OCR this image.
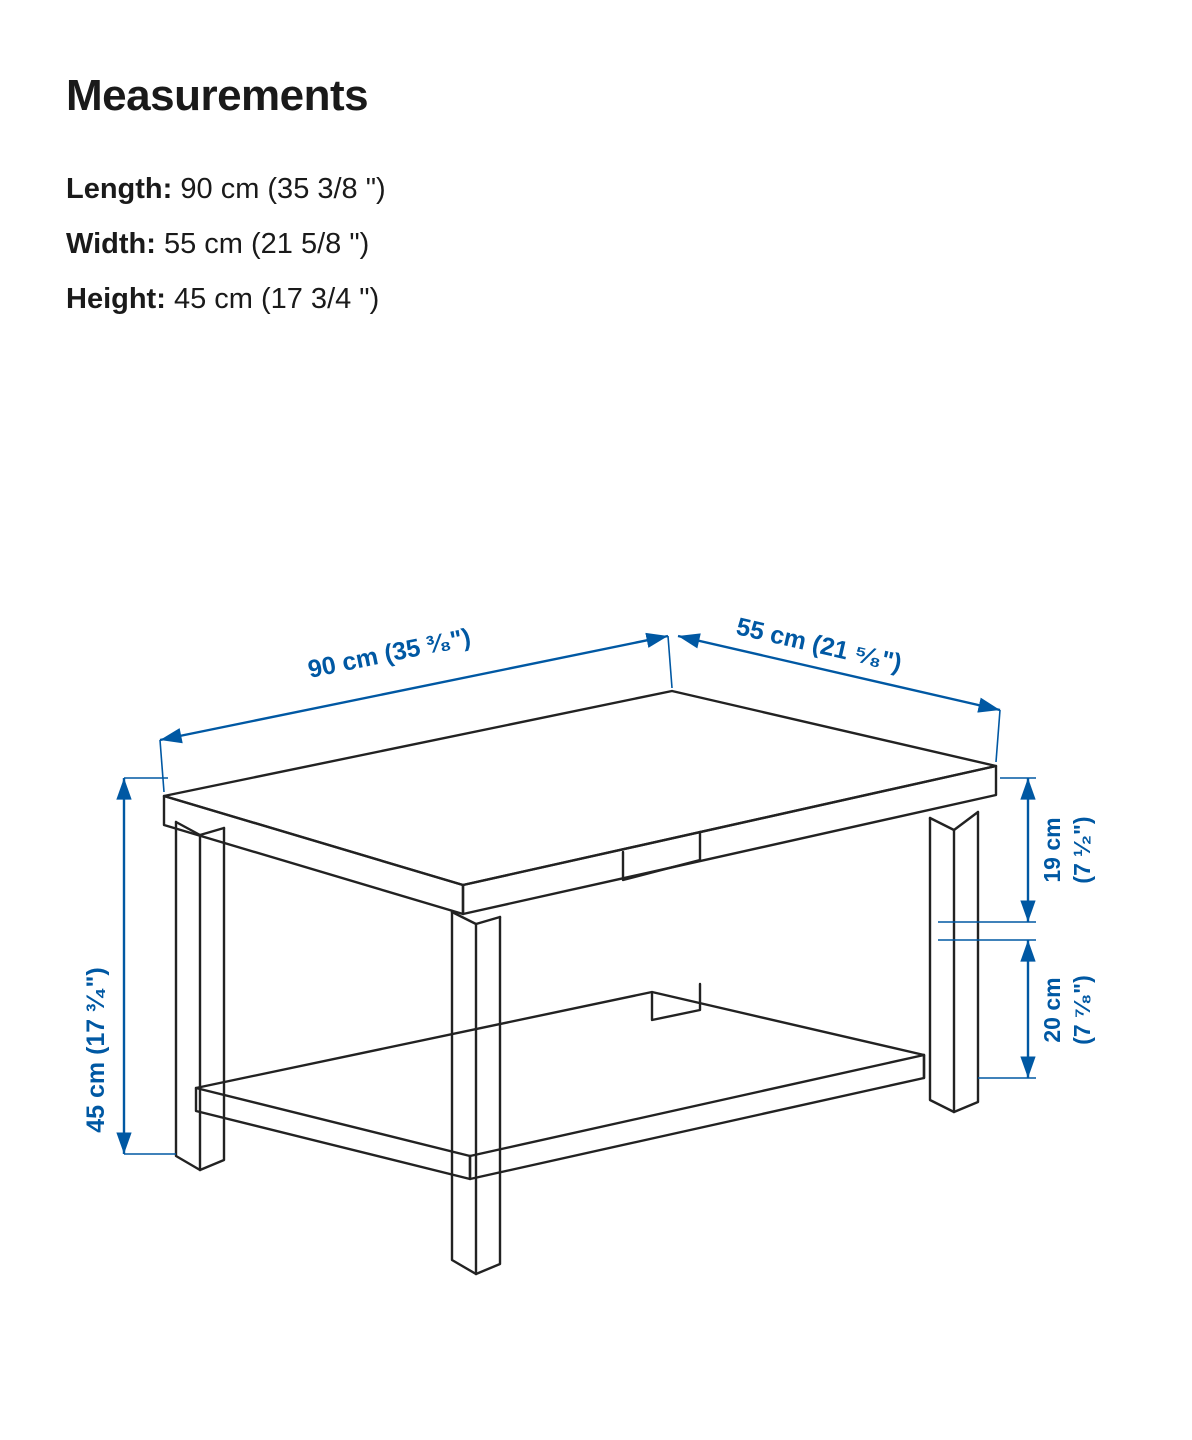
Measurements
Length: 90 cm (35 3/8 ")
Width: 55 cm (21 5/8 ")
Height: 45 cm (17 3/4 ")
90 cm (35 ³⁄₈")	55 cm (21 ⁵⁄₈")
45 cm (17 ³⁄₄")
19 cm (7 ¹⁄₂")
20 cm (7 ⁷⁄₈")
